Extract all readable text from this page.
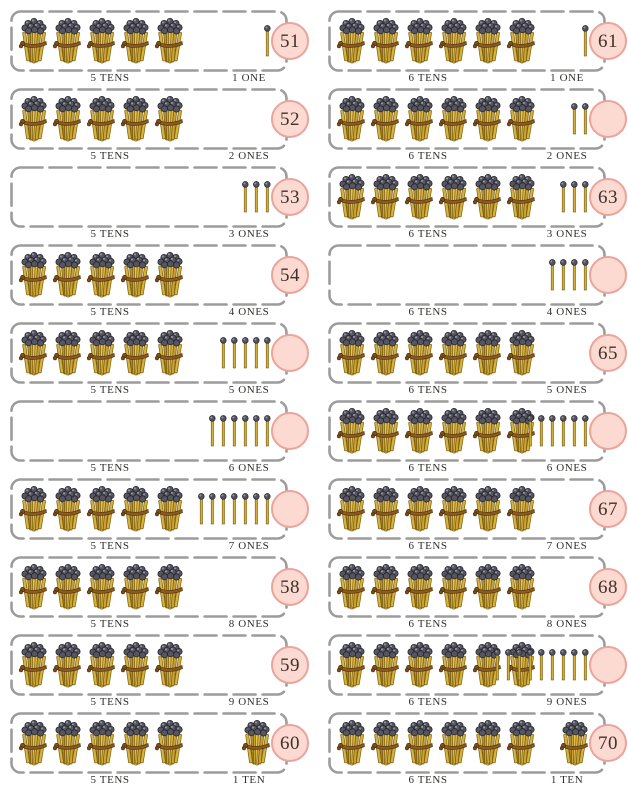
51
5 TENS	1 ONE
52
5 TENS	2 ONES
53
5 TENS	3 ONES
54
5 TENS	4 ONES
5 TENS	5 ONES
5 TENS	6 ONES
5 TENS	7 ONES
58
5 TENS	8 ONES
59
5 TENS	9 ONES
60
5 TENS	1 TEN
61
6 TENS	1 ONE
6 TENS	2 ONES
63
6 TENS	3 ONES
6 TENS	4 ONES
65
6 TENS	5 ONES
6 TENS	6 ONES
67
6 TENS	7 ONES
68
6 TENS	8 ONES
6 TENS	9 ONES
70
6 TENS	1 TEN
